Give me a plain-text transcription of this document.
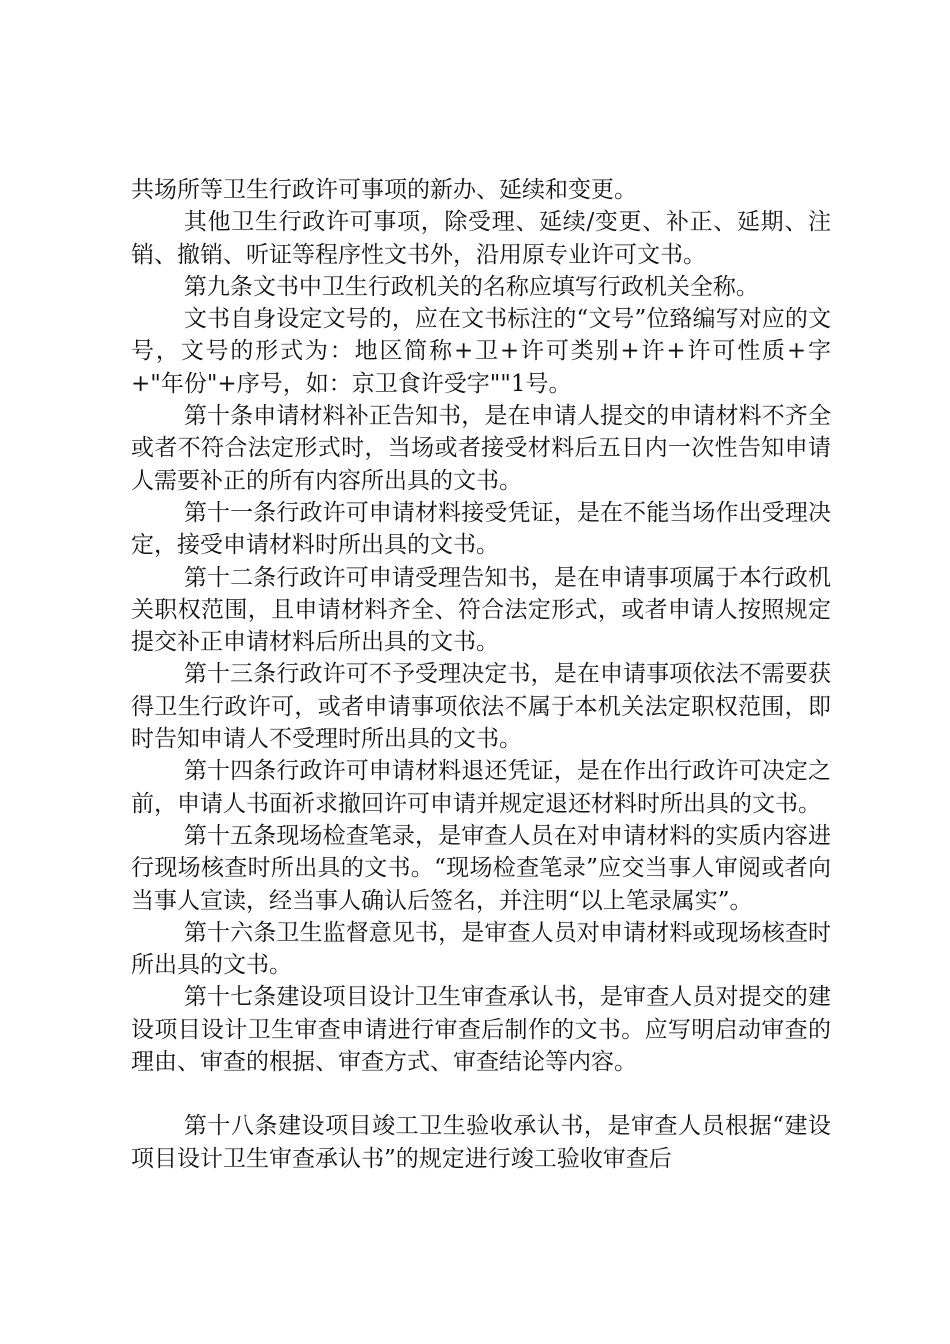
共场所等卫生行政许可事项的新办、延续和变更。

其他卫生行政许可事项，除受理、延续/变更、补正、延期、注销、撤销、听证等程序性文书外，沿用原专业许可文书。

第九条文书中卫生行政机关的名称应填写行政机关全称。

文书自身设定文号的，应在文书标注的“文号”位臵编写对应的文号，文号的形式为：地区简称+卫+许可类别+许+许可性质+字+"年份"+序号，如：京卫食许受字""1号。

第十条申请材料补正告知书，是在申请人提交的申请材料不齐全或者不符合法定形式时，当场或者接受材料后五日内一次性告知申请人需要补正的所有内容所出具的文书。

第十一条行政许可申请材料接受凭证，是在不能当场作出受理决定，接受申请材料时所出具的文书。

第十二条行政许可申请受理告知书，是在申请事项属于本行政机关职权范围，且申请材料齐全、符合法定形式，或者申请人按照规定提交补正申请材料后所出具的文书。

第十三条行政许可不予受理决定书，是在申请事项依法不需要获得卫生行政许可，或者申请事项依法不属于本机关法定职权范围，即时告知申请人不受理时所出具的文书。

第十四条行政许可申请材料退还凭证，是在作出行政许可决定之前，申请人书面祈求撤回许可申请并规定退还材料时所出具的文书。

第十五条现场检查笔录，是审查人员在对申请材料的实质内容进行现场核查时所出具的文书。“现场检查笔录”应交当事人审阅或者向当事人宣读，经当事人确认后签名，并注明“以上笔录属实”。

第十六条卫生监督意见书，是审查人员对申请材料或现场核查时所出具的文书。

第十七条建设项目设计卫生审查承认书，是审查人员对提交的建设项目设计卫生审查申请进行审查后制作的文书。应写明启动审查的理由、审查的根据、审查方式、审查结论等内容。

第十八条建设项目竣工卫生验收承认书，是审查人员根据“建设项目设计卫生审查承认书”的规定进行竣工验收审查后
